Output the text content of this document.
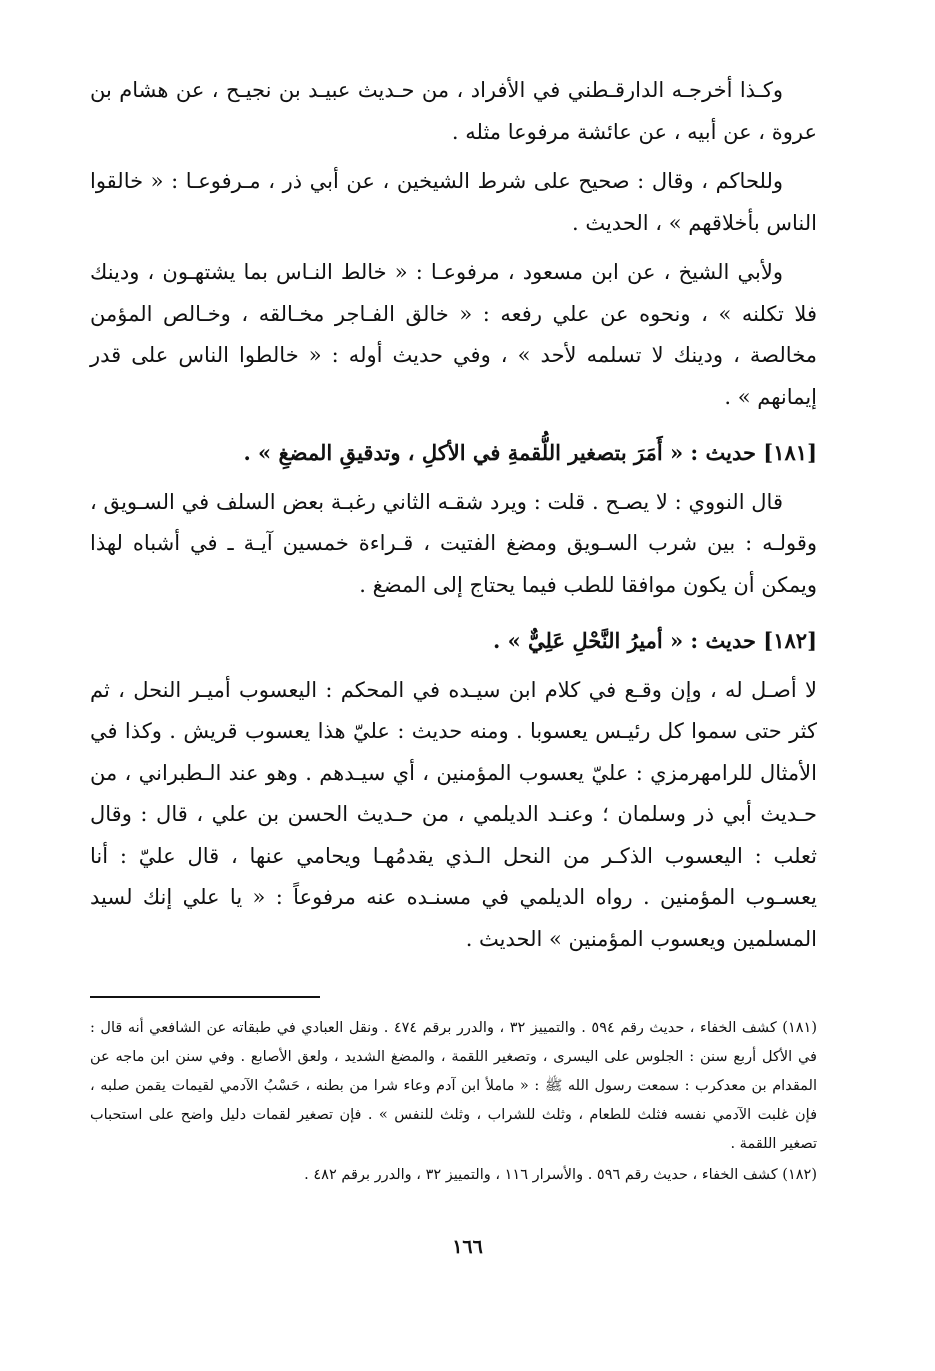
وكـذا أخرجـه الدارقـطني في الأفراد ، من حـديث عبيـد بن نجيـح ، عن هشام بن عروة ، عن أبيه ، عن عائشة مرفوعا مثله .

وللحاكم ، وقال : صحيح على شرط الشيخين ، عن أبي ذر ، مـرفوعـا : « خالقوا الناس بأخلاقهم » ، الحديث .

ولأبي الشيخ ، عن ابن مسعود ، مرفوعـا : « خالط النـاس بما يشتهـون ، ودينك فلا تكلنه » ، ونحوه عن علي رفعه : « خالق الفـاجر مخـالقه ، وخـالص المؤمن مخالصة ، ودينك لا تسلمه لأحد » ، وفي حديث أوله : « خالطوا الناس على قدر إيمانهم » .

[١٨١] حديث : « أَمَرَ بتصغير اللُّقمةِ في الأكلِ ، وتدقيقِ المضغِ » .

قال النووي : لا يصـح . قلت : ويرد شقـه الثاني رغبـة بعض السلف في السـويق ، وقولـه : بين شرب السـويق ومضغ الفتيت ، قـراءة خمسين آيـة ـ في أشباه لهذا ويمكن أن يكون موافقا للطب فيما يحتاج إلى المضغ .

[١٨٢] حديث : « أميرُ النَّحْلِ عَلِيٌّ » .

لا أصـل له ، وإن وقـع في كلام ابن سيـده في المحكم : اليعسوب أميـر النحل ، ثم كثر حتى سموا كل رئيـس يعسوبا . ومنه حديث : عليّ هذا يعسوب قريش . وكذا في الأمثال للرامهرمزي : عليّ يعسوب المؤمنين ، أي سيـدهم . وهو عند الـطبراني ، من حـديث أبي ذر وسلمان ؛ وعنـد الديلمي ، من حـديث الحسن بن علي ، قال : وقال ثعلب : اليعسوب الذكـر من النحل الـذي يقدمُهـا ويحامي عنها ، قال عليّ : أنا يعسـوب المؤمنين . رواه الديلمي في مسنـده عنه مرفوعاً : « يا علي إنك لسيد المسلمين ويعسوب المؤمنين » الحديث .

(١٨١) كشف الخفاء ، حديث رقم ٥٩٤ . والتمييز ٣٢ ، والدرر برقم ٤٧٤ . ونقل العبادي في طبقاته عن الشافعي أنه قال : في الأكل أربع سنن : الجلوس على اليسرى ، وتصغير اللقمة ، والمضغ الشديد ، ولعق الأصابع . وفي سنن ابن ماجه عن المقدام بن معدكرب : سمعت رسول الله ﷺ : « ماملأ ابن آدم وعاء شرا من بطنه ، حَسْبُ الآدمي لقيمات يقمن صلبه ، فإن غلبت الآدمي نفسه فثلث للطعام ، وثلث للشراب ، وثلث للنفس » . فإن تصغير لقمات دليل واضح على استحباب تصغير اللقمة .

(١٨٢) كشف الخفاء ، حديث رقم ٥٩٦ . والأسرار ١١٦ ، والتمييز ٣٢ ، والدرر برقم ٤٨٢ .

١٦٦
